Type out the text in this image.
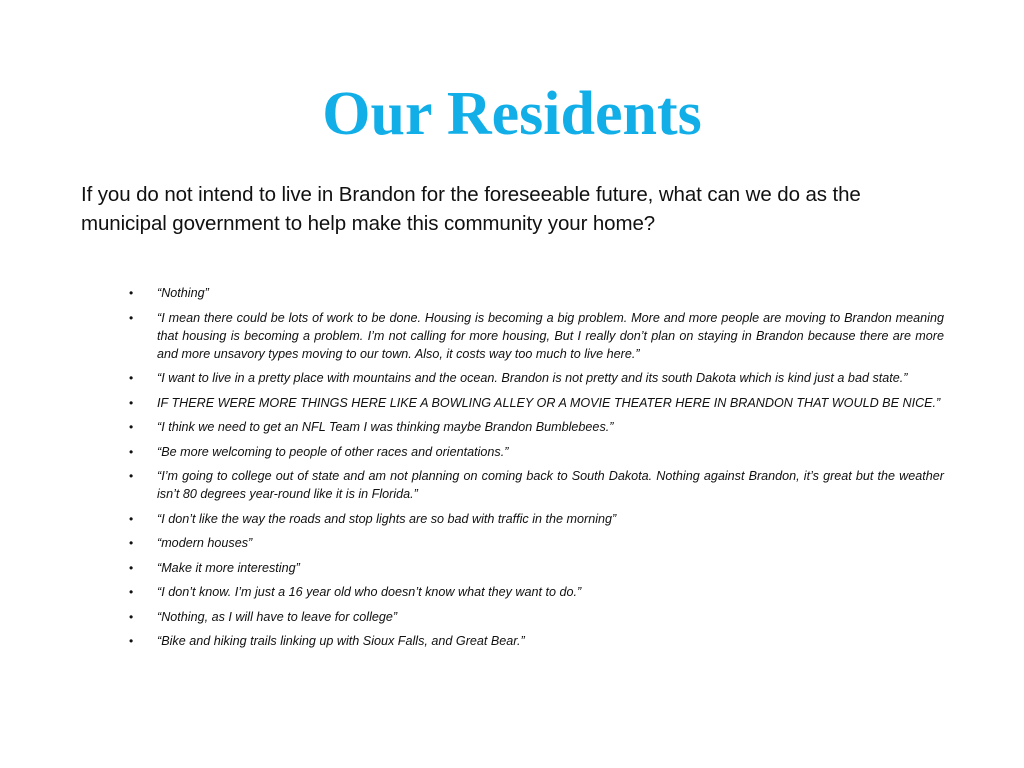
Our Residents

If you do not intend to live in Brandon for the foreseeable future, what can we do as the municipal government to help make this community your home?

• “Nothing”
• “I mean there could be lots of work to be done. Housing is becoming a big problem. More and more people are moving to Brandon meaning that housing is becoming a problem. I’m not calling for more housing, But I really don’t plan on staying in Brandon because there are more and more unsavory types moving to our town. Also, it costs way too much to live here.”
• “I want to live in a pretty place with mountains and the ocean. Brandon is not pretty and its south Dakota which is kind just a bad state.”
• IF THERE WERE MORE THINGS HERE LIKE A BOWLING ALLEY OR A MOVIE THEATER HERE IN BRANDON THAT WOULD BE NICE.”
• “I think we need to get an NFL Team I was thinking maybe Brandon Bumblebees.”
• “Be more welcoming to people of other races and orientations.”
• “I’m going to college out of state and am not planning on coming back to South Dakota. Nothing against Brandon, it’s great but the weather isn’t 80 degrees year-round like it is in Florida.”
• “I don’t like the way the roads and stop lights are so bad with traffic in the morning”
• “modern houses”
• “Make it more interesting”
• “I don’t know. I’m just a 16 year old who doesn’t know what they want to do.”
• “Nothing, as I will have to leave for college”
• “Bike and hiking trails linking up with Sioux Falls, and Great Bear.”
